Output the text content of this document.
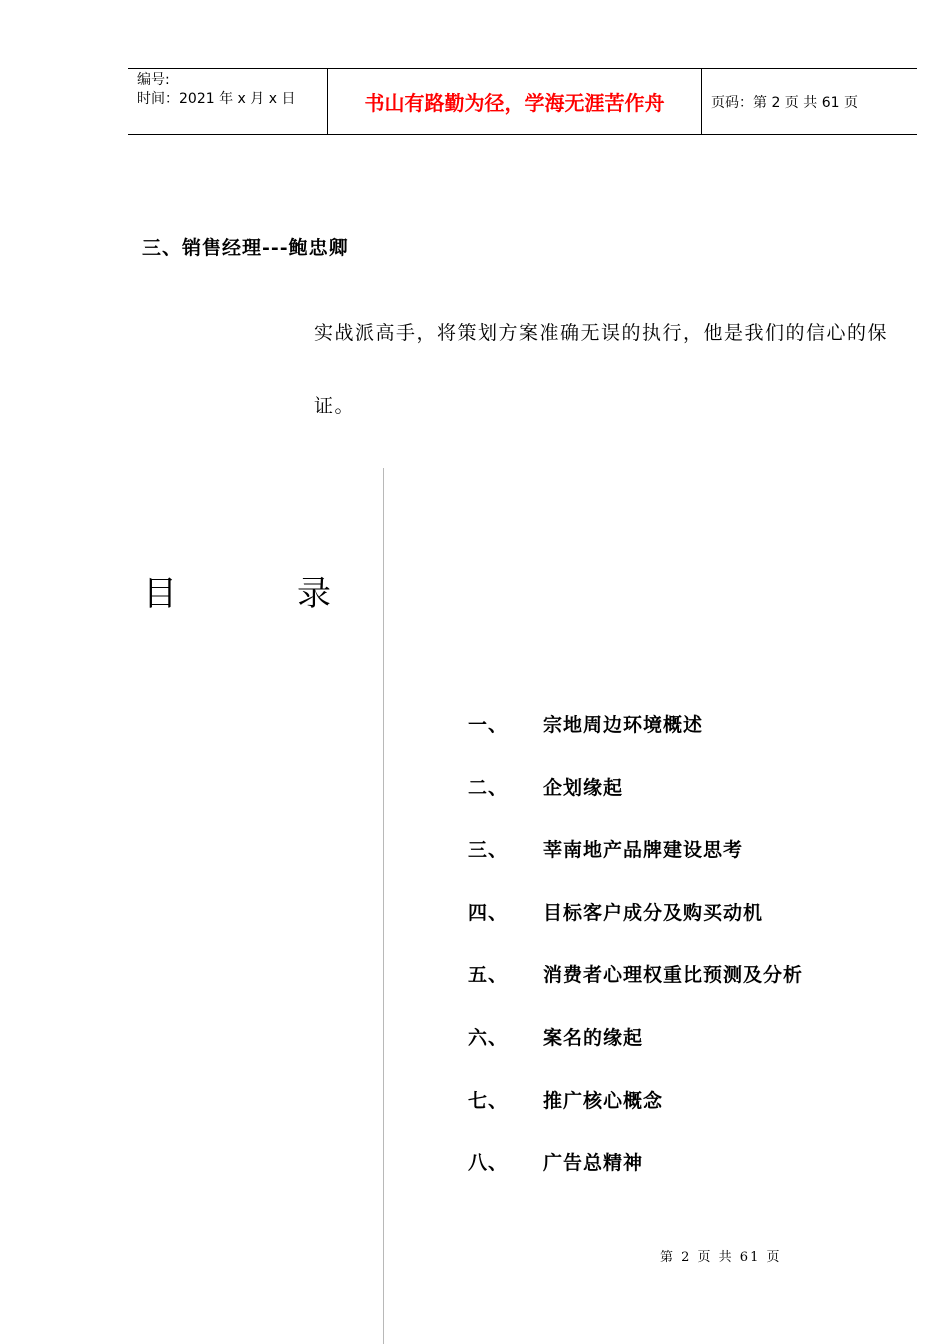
编号:
时间：2021 年 x 月 x 日	书山有路勤为径，学海无涯苦作舟	页码：第 2 页 共 61 页
三、销售经理---鲍忠卿
实战派高手，将策划方案准确无误的执行，他是我们的信心的保证。
目	录
一、	宗地周边环境概述
二、	企划缘起
三、	莘南地产品牌建设思考
四、	目标客户成分及购买动机
五、	消费者心理权重比预测及分析
六、	案名的缘起
七、	推广核心概念
八、	广告总精神
第 2 页 共 61 页
